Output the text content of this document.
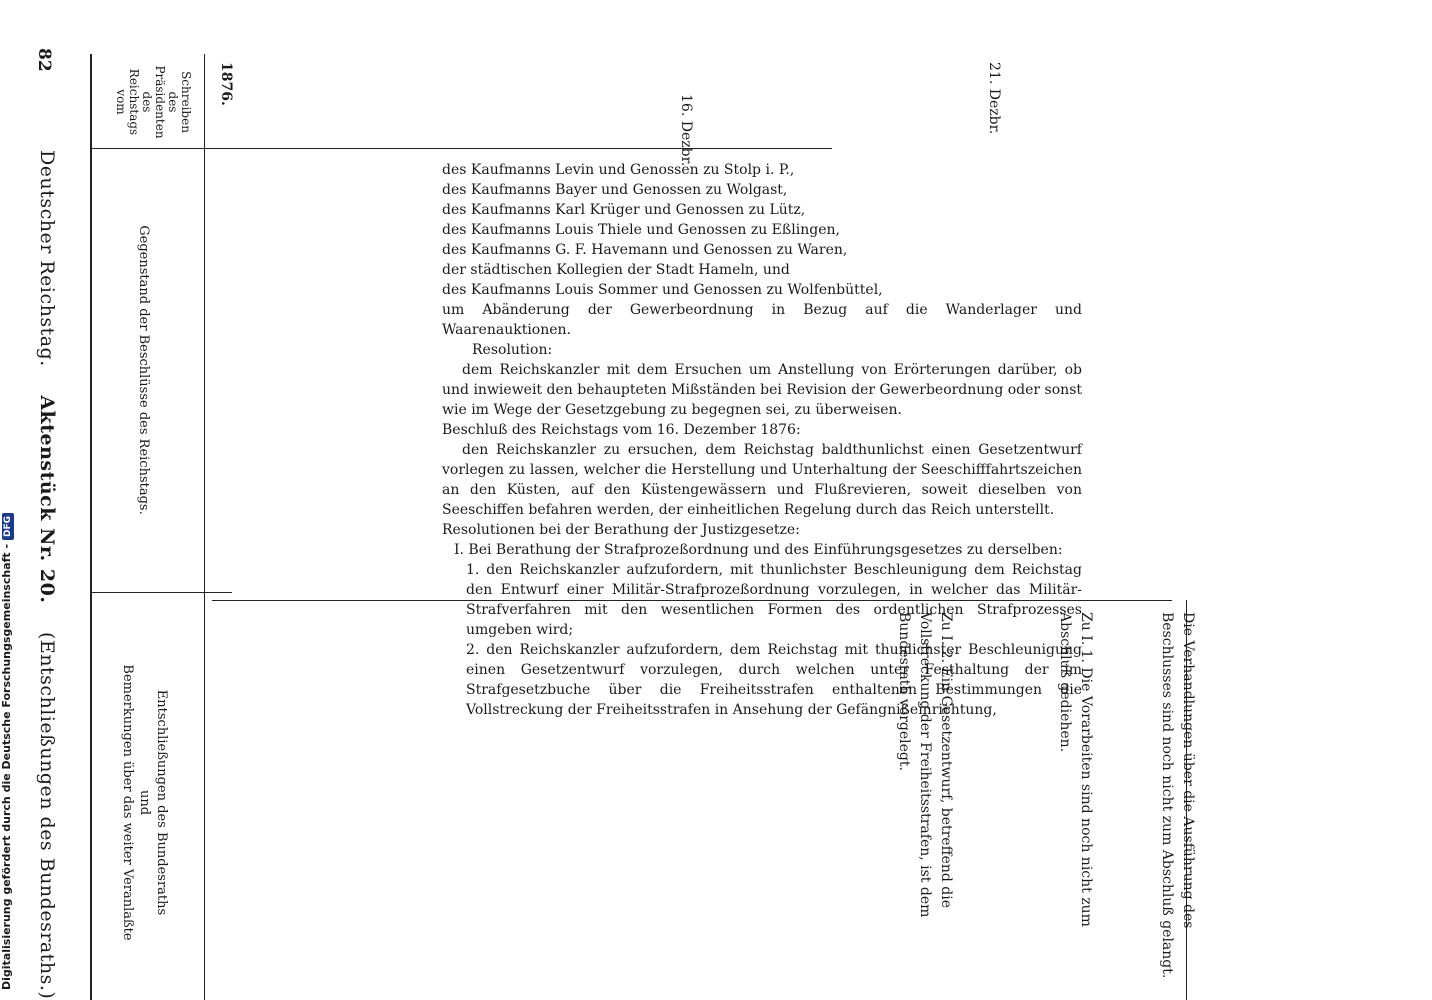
82
Deutscher Reichstag. Aktenstück Nr. 20. (Entschließungen des Bundesraths.)
Schreiben
des
Präsidenten
des
Reichstags
vom
Gegenstand der Beschlüsse des Reichstags.
Entschließungen des Bundesraths
und
Bemerkungen über das weiter Veranlaßte
1876.
16. Dezbr.	21. Dezbr.
des Kaufmanns Levin und Genossen zu Stolp i. P.,
des Kaufmanns Bayer und Genossen zu Wolgast,
des Kaufmanns Karl Krüger und Genossen zu Lütz,
des Kaufmanns Louis Thiele und Genossen zu Eßlingen,
des Kaufmanns G. F. Havemann und Genossen zu Waren,
der städtischen Kollegien der Stadt Hameln, und
des Kaufmanns Louis Sommer und Genossen zu Wolfenbüttel,
um Abänderung der Gewerbeordnung in Bezug auf die Wanderlager und Waarenauktionen.
Resolution:
dem Reichskanzler mit dem Ersuchen um Anstellung von Erörterungen darüber, ob und inwieweit den behaupteten Mißständen bei Revision der Gewerbeordnung oder sonst wie im Wege der Gesetzgebung zu begegnen sei, zu überweisen.
Beschluß des Reichstags vom 16. Dezember 1876:
den Reichskanzler zu ersuchen, dem Reichstag baldthunlichst einen Gesetzentwurf vorlegen zu lassen, welcher die Herstellung und Unterhaltung der Seeschifffahrtszeichen an den Küsten, auf den Küstengewässern und Flußrevieren, soweit dieselben von Seeschiffen befahren werden, der einheitlichen Regelung durch das Reich unterstellt.
Resolutionen bei der Berathung der Justizgesetze:
I. Bei Berathung der Strafprozeßordnung und des Einführungsgesetzes zu derselben:
1. den Reichskanzler aufzufordern, mit thunlichster Beschleunigung dem Reichstag den Entwurf einer Militär-Strafprozeßordnung vorzulegen, in welcher das Militär-Strafverfahren mit den wesentlichen Formen des ordentlichen Strafprozesses umgeben wird;
2. den Reichskanzler aufzufordern, dem Reichstag mit thunlichster Beschleunigung einen Gesetzentwurf vorzulegen, durch welchen unter Festhaltung der im Strafgesetzbuche über die Freiheitsstrafen enthaltenen Bestimmungen die Vollstreckung der Freiheitsstrafen in Ansehung der Gefängnißeinrichtung,	Die Verhandlungen über die Ausführung des Beschlusses sind noch nicht zum Abschluß gelangt.
Zu I. 1. Die Vorarbeiten sind noch nicht zum Abschluß gediehen.
Zu I. 2. Ein Gesetzentwurf, betreffend die Vollstreckung der Freiheitsstrafen, ist dem Bundesrath vorgelegt.
Digitalisierung gefördert durch die Deutsche Forschungsgemeinschaft -DFG
